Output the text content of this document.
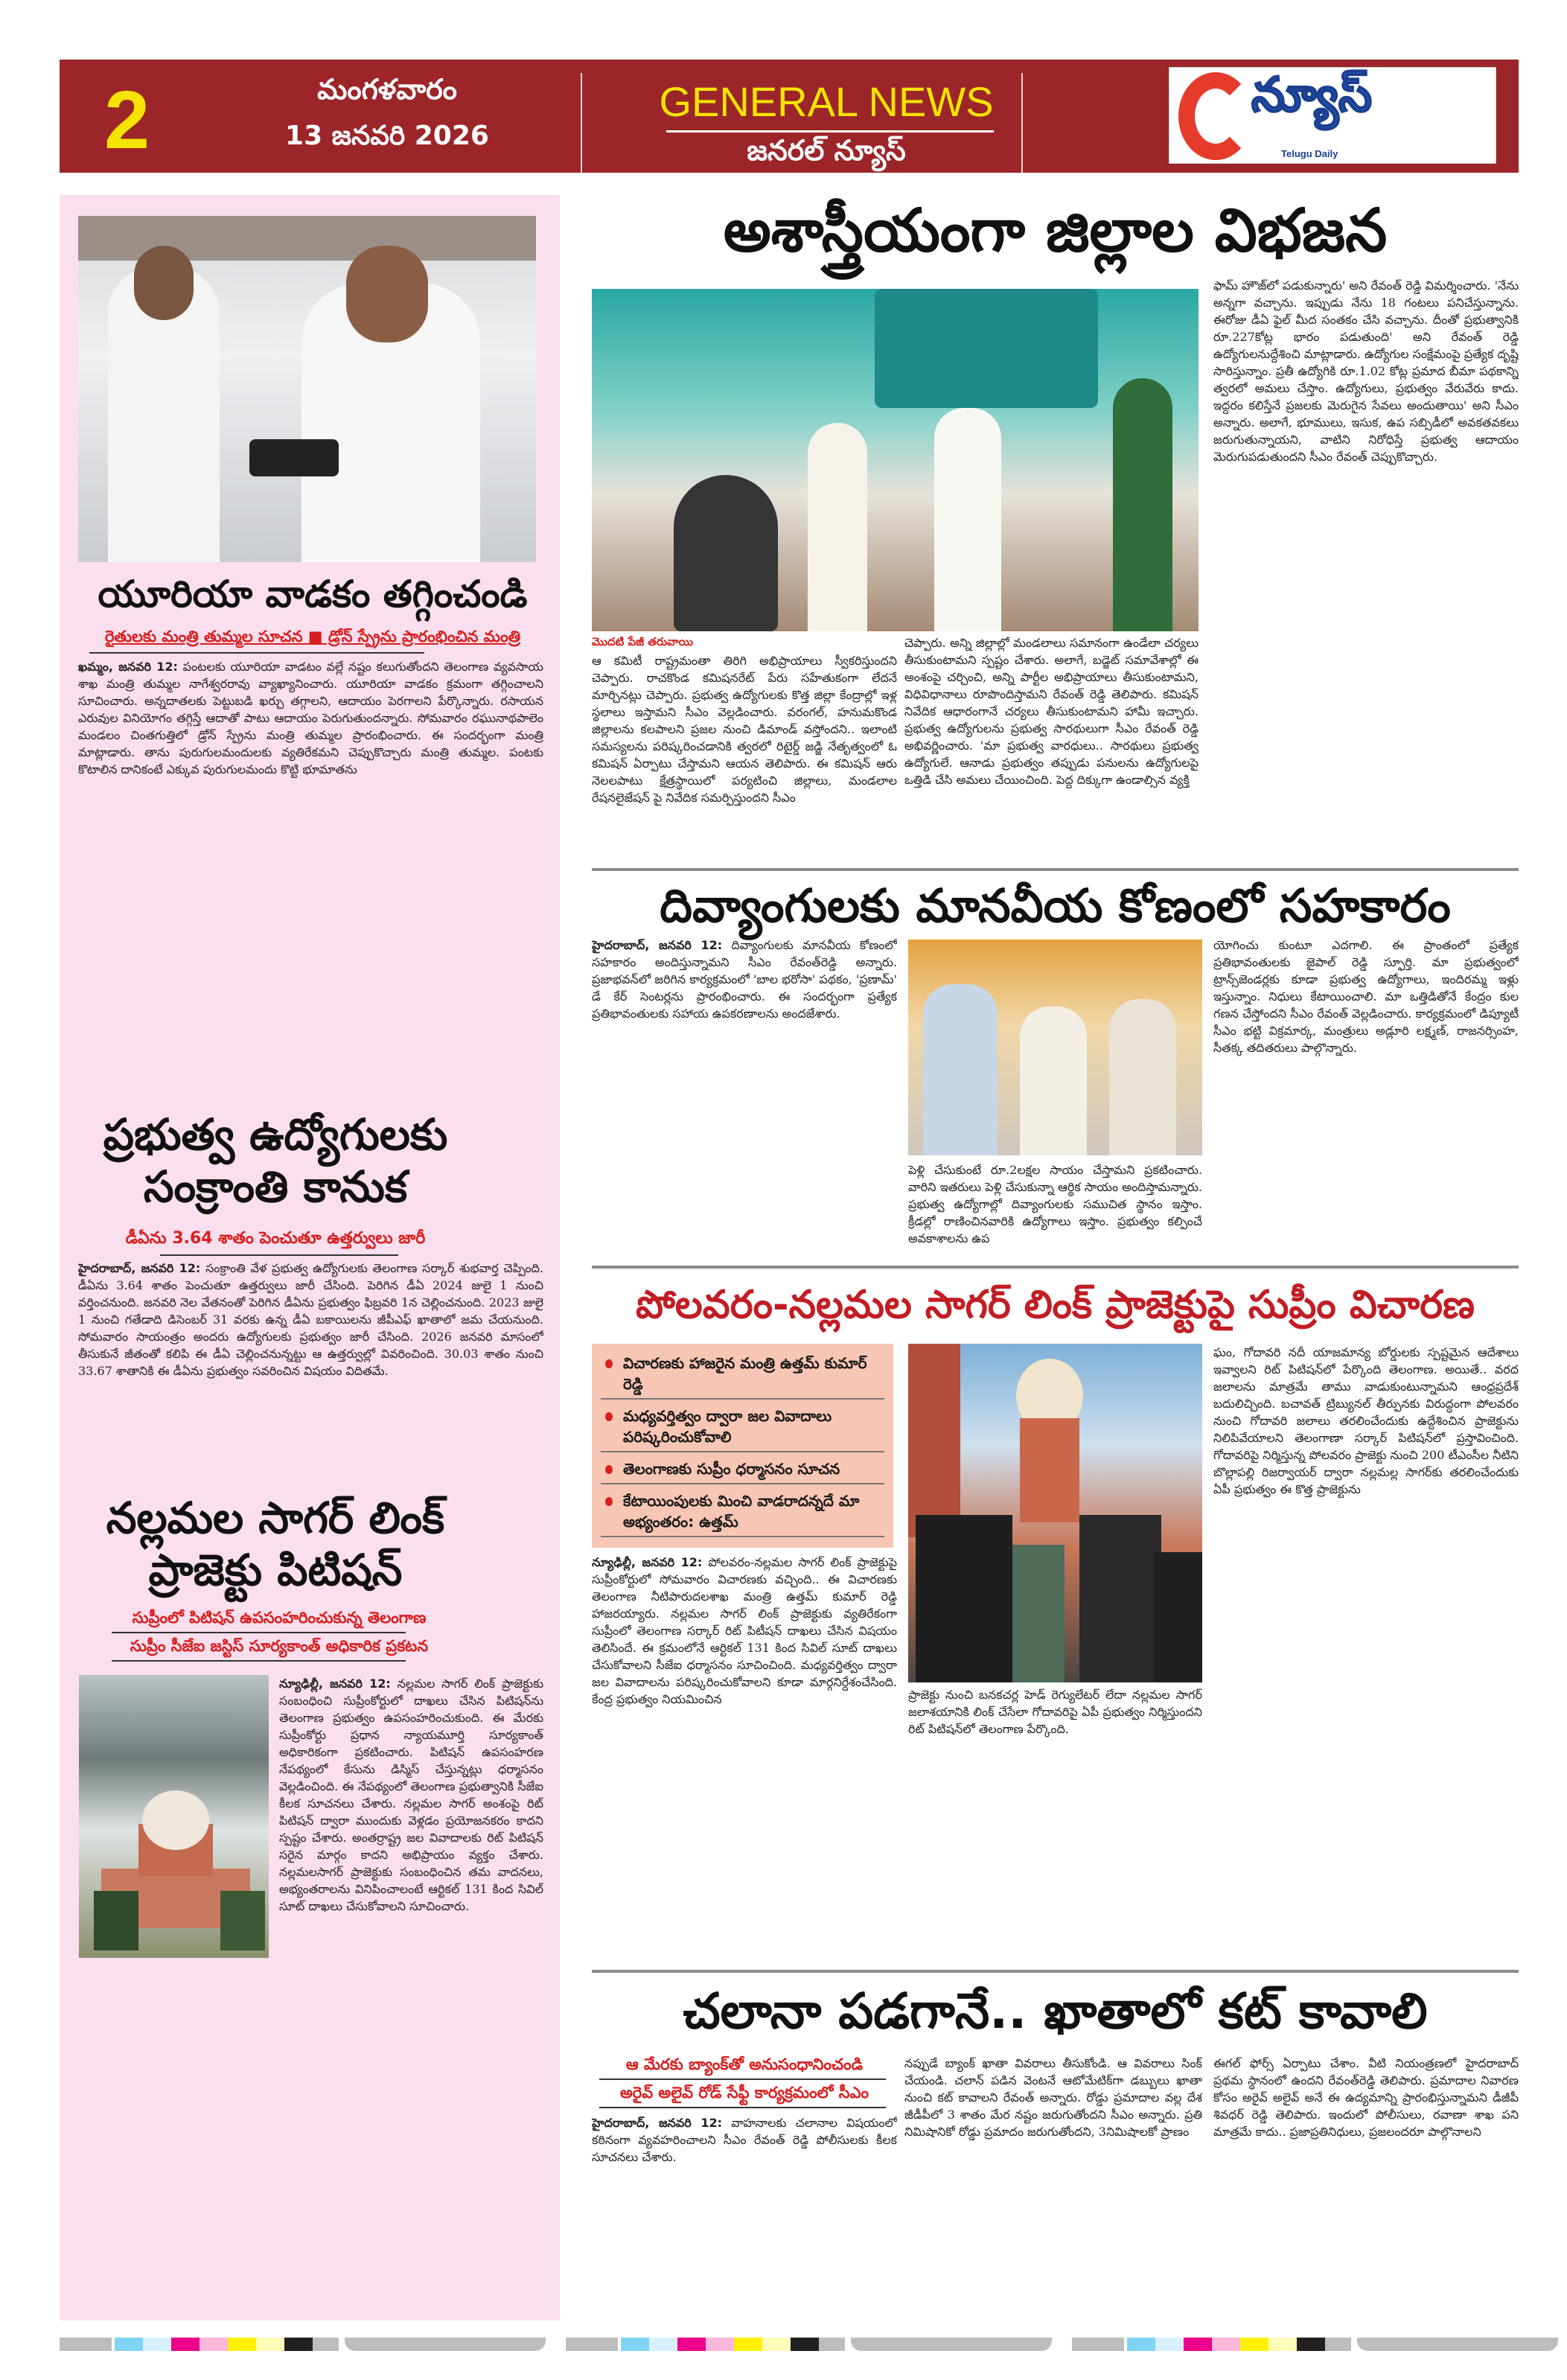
2	మంగళవారం
13 జనవరి 2026
GENERAL NEWS
జనరల్ న్యూస్
న్యూస్
Telugu Daily
యూరియా వాడకం తగ్గించండి
రైతులకు మంత్రి తుమ్మల సూచన ■ డ్రోన్ స్ప్రేను ప్రారంభించిన మంత్రి
ఖమ్మం, జనవరి 12: పంటలకు యూరియా వాడటం వల్లే నష్టం కలుగుతోందని తెలంగాణ వ్యవసాయ శాఖ మంత్రి తుమ్మల నాగేశ్వరరావు వ్యాఖ్యానించారు. యూరియా వాడకం క్రమంగా తగ్గించాలని సూచించారు. అన్నదాతలకు పెట్టుబడి ఖర్చు తగ్గాలని, ఆదాయం పెరగాలని పేర్కొన్నారు. రసాయన ఎరువుల వినియోగం తగ్గిస్తే ఆదాతో పాటు ఆదాయం పెరుగుతుందన్నారు. సోమవారం రఘునాథపాలెం మండలం చింతగుత్తిలో డ్రోన్ స్ప్రేను మంత్రి తుమ్మల ప్రారంభించారు. ఈ సందర్భంగా మంత్రి మాట్లాడారు. తాను పురుగులమందులకు వ్యతిరేకమని చెప్పుకొచ్చారు మంత్రి తుమ్మల. పంటకు కొటాలిన దానికంటే ఎక్కువ పురుగులమందు కొట్టి భూమాతను
ప్రభుత్వ ఉద్యోగులకు
సంక్రాంతి కానుక
డీఏను 3.64 శాతం పెంచుతూ ఉత్తర్వులు జారీ
హైదరాబాద్, జనవరి 12: సంక్రాంతి వేళ ప్రభుత్వ ఉద్యోగులకు తెలంగాణ సర్కార్ శుభవార్త చెప్పింది. డీఏను 3.64 శాతం పెంచుతూ ఉత్తర్వులు జారీ చేసింది. పెరిగిన డీఏ 2024 జులై 1 నుంచి వర్తించనుంది. జనవరి నెల వేతనంతో పెరిగిన డీఏను ప్రభుత్వం ఫిబ్రవరి 1న చెల్లించనుంది. 2023 జులై 1 నుంచి గతేడాది డిసెంబర్ 31 వరకు ఉన్న డీఏ బకాయిలను జీపీఎఫ్ ఖాతాలో జమ చేయనుంది. సోమవారం సాయంత్రం అందరు ఉద్యోగులకు ప్రభుత్వం జారీ చేసింది. 2026 జనవరి మాసంలో తీసుకునే జీతంతో కలిపి ఈ డీఏ చెల్లించనున్నట్టు ఆ ఉత్తర్వుల్లో వివరించింది. 30.03 శాతం నుంచి 33.67 శాతానికి ఈ డీఏను ప్రభుత్వం సవరించిన విషయం విదితమే.
నల్లమల సాగర్ లింక్
ప్రాజెక్టు పిటిషన్
సుప్రీంలో పిటిషన్ ఉపసంహరించుకున్న తెలంగాణ
సుప్రీం సీజేఐ జస్టిస్ సూర్యకాంత్ అధికారిక ప్రకటన
న్యూఢిల్లీ, జనవరి 12: నల్లమల సాగర్ లింక్ ప్రాజెక్టుకు సంబంధించి సుప్రీంకోర్టులో దాఖలు చేసిన పిటిషన్‌ను తెలంగాణ ప్రభుత్వం ఉపసంహరించుకుంది. ఈ మేరకు సుప్రీంకోర్టు ప్రధాన న్యాయమూర్తి సూర్యకాంత్ అధికారికంగా ప్రకటించారు. పిటిషన్ ఉపసంహరణ నేపథ్యంలో కేసును డిస్మిస్ చేస్తున్నట్లు ధర్మాసనం వెల్లడించింది. ఈ నేపథ్యంలో తెలంగాణ ప్రభుత్వానికి సీజేఐ కీలక సూచనలు చేశారు. నల్లమల సాగర్ అంశంపై రిట్ పిటిషన్ ద్వారా ముందుకు వెళ్లడం ప్రయోజనకరం కాదని స్పష్టం చేశారు. అంతర్రాష్ట్ర జల వివాదాలకు రిట్ పిటిషన్ సరైన మార్గం కాదని అభిప్రాయం వ్యక్తం చేశారు. నల్లమలసాగర్ ప్రాజెక్టుకు సంబంధించిన తమ వాదనలు, అభ్యంతరాలను వినిపించాలంటే ఆర్టికల్ 131 కింద సివిల్ సూట్ దాఖలు చేసుకోవాలని సూచించారు.
అశాస్త్రీయంగా జిల్లాల విభజన
మొదటి పేజీ తరువాయి
ఆ కమిటీ రాష్ట్రమంతా తిరిగి అభిప్రాయాలు స్వీకరిస్తుందని చెప్పారు. రాచకొండ కమిషనరేట్ పేరు సహేతుకంగా లేదనే మార్చినట్లు చెప్పారు. ప్రభుత్వ ఉద్యోగులకు కొత్త జిల్లా కేంద్రాల్లో ఇళ్ల స్థలాలు ఇస్తామని సీఎం వెల్లడించారు. వరంగల్, హనుమకొండ జిల్లాలను కలపాలని ప్రజల నుంచి డిమాండ్ వస్తోందని.. ఇలాంటి సమస్యలను పరిష్కరించడానికి త్వరలో రిటైర్డ్ జడ్జి నేతృత్వంలో ఓ కమిషన్ ఏర్పాటు చేస్తామని ఆయన తెలిపారు. ఈ కమిషన్ ఆరు నెలలపాటు క్షేత్రస్థాయిలో పర్యటించి జిల్లాలు, మండలాల రేషనలైజేషన్ పై నివేదిక సమర్పిస్తుందని సీఎం
చెప్పారు. అన్ని జిల్లాల్లో మండలాలు సమానంగా ఉండేలా చర్యలు తీసుకుంటామని స్పష్టం చేశారు. అలాగే, బడ్జెట్ సమావేశాల్లో ఈ అంశంపై చర్చించి, అన్ని పార్టీల అభిప్రాయాలు తీసుకుంటామని, విధివిధానాలు రూపొందిస్తామని రేవంత్ రెడ్డి తెలిపారు. కమిషన్ నివేదిక ఆధారంగానే చర్యలు తీసుకుంటామని హామీ ఇచ్చారు. ప్రభుత్వ ఉద్యోగులను ప్రభుత్వ సారథులుగా సీఎం రేవంత్ రెడ్డి అభివర్ణించారు. 'మా ప్రభుత్వ వారధులు.. సారథులు ప్రభుత్వ ఉద్యోగులే. ఆనాడు ప్రభుత్వం తప్పుడు పనులను ఉద్యోగులపై ఒత్తిడి చేసి అమలు చేయించింది. పెద్ద దిక్కుగా ఉండాల్సిన వ్యక్తి
ఫామ్ హౌజ్‌లో పడుకున్నారు' అని రేవంత్ రెడ్డి విమర్శించారు. 'నేను అన్నగా వచ్చాను. ఇప్పుడు నేను 18 గంటలు పనిచేస్తున్నాను. ఈరోజు డీఏ ఫైల్ మీద సంతకం చేసి వచ్చాను. దీంతో ప్రభుత్వానికి రూ.227కోట్ల భారం పడుతుంది' అని రేవంత్ రెడ్డి ఉద్యోగులనుద్దేశించి మాట్లాడారు. ఉద్యోగుల సంక్షేమంపై ప్రత్యేక దృష్టి సారిస్తున్నాం. ప్రతీ ఉద్యోగికి రూ.1.02 కోట్ల ప్రమాద బీమా పథకాన్ని త్వరలో అమలు చేస్తాం. ఉద్యోగులు, ప్రభుత్వం వేరువేరు కాదు. ఇద్దరం కలిస్తేనే ప్రజలకు మెరుగైన సేవలు అందుతాయి' అని సీఎం అన్నారు. అలాగే, భూములు, ఇసుక, ఉప సబ్సిడీలో అవకతవకలు జరుగుతున్నాయని, వాటిని నిరోధిస్తే ప్రభుత్వ ఆదాయం మెరుగుపడుతుందని సీఎం రేవంత్ చెప్పుకొచ్చారు.
దివ్యాంగులకు మానవీయ కోణంలో సహకారం
హైదరాబాద్, జనవరి 12: దివ్యాంగులకు మానవీయ కోణంలో సహకారం అందిస్తున్నామని సీఎం రేవంత్‌రెడ్డి అన్నారు. ప్రజాభవన్‌లో జరిగిన కార్యక్రమంలో 'బాల భరోసా' పథకం, 'ప్రణామ్' డే కేర్ సెంటర్లను ప్రారంభించారు. ఈ సందర్భంగా ప్రత్యేక ప్రతిభావంతులకు సహాయ ఉపకరణాలను అందజేశారు.
పెళ్లి చేసుకుంటే రూ.2లక్షల సాయం చేస్తామని ప్రకటించారు. వారిని ఇతరులు పెళ్లి చేసుకున్నా ఆర్థిక సాయం అందిస్తామన్నారు. ప్రభుత్వ ఉద్యోగాల్లో దివ్యాంగులకు సముచిత స్థానం ఇస్తాం. క్రీడల్లో రాణించినవారికి ఉద్యోగాలు ఇస్తాం. ప్రభుత్వం కల్పించే అవకాశాలను ఉప
యోగించు కుంటూ ఎదగాలి. ఈ ప్రాంతంలో ప్రత్యేక ప్రతిభావంతులకు జైపాల్ రెడ్డి స్ఫూర్తి. మా ప్రభుత్వంలో ట్రాన్స్‌జెండర్లకు కూడా ప్రభుత్వ ఉద్యోగాలు, ఇందిరమ్మ ఇళ్లు ఇస్తున్నాం. నిధులు కేటాయించాలి. మా ఒత్తిడితోనే కేంద్రం కుల గణన చేస్తోందని సీఎం రేవంత్ వెల్లడించారు. కార్యక్రమంలో డిప్యూటీ సీఎం భట్టి విక్రమార్క, మంత్రులు అడ్లూరి లక్ష్మణ్, రాజనర్సింహ, సీతక్క తదితరులు పాల్గొన్నారు.
పోలవరం-నల్లమల సాగర్ లింక్ ప్రాజెక్టుపై సుప్రీం విచారణ
విచారణకు హాజరైన మంత్రి ఉత్తమ్ కుమార్ రెడ్డి
మధ్యవర్తిత్వం ద్వారా జల వివాదాలు పరిష్కరించుకోవాలి
తెలంగాణకు సుప్రీం ధర్మాసనం సూచన
కేటాయింపులకు మించి వాడరాదన్నదే మా అభ్యంతరం: ఉత్తమ్
న్యూఢిల్లీ, జనవరి 12: పోలవరం-నల్లమల సాగర్ లింక్ ప్రాజెక్టుపై సుప్రీంకోర్టులో సోమవారం విచారణకు వచ్చింది.. ఈ విచారణకు తెలంగాణ నీటిపారుదలశాఖ మంత్రి ఉత్తమ్ కుమార్ రెడ్డి హాజరయ్యారు. నల్లమల సాగర్ లింక్ ప్రాజెక్టుకు వ్యతిరేకంగా సుప్రీంలో తెలంగాణ సర్కార్ రిట్ పిటీషన్ దాఖలు చేసిన విషయం తెలిసిందే. ఈ క్రమంలోనే ఆర్టికల్ 131 కింద సివిల్ సూట్ దాఖలు చేసుకోవాలని సీజేఐ ధర్మాసనం సూచించింది. మధ్యవర్తిత్వం ద్వారా జల వివాదాలను పరిష్కరించుకోవాలని కూడా మార్గనిర్దేశంచేసింది. కేంద్ర ప్రభుత్వం నియమించిన	ప్రాజెక్టు నుంచి బనకచర్ల హెడ్ రెగ్యులేటర్ లేదా నల్లమల సాగర్ జలాశయానికి లింక్ చేసేలా గోదావరిపై ఏపీ ప్రభుత్వం నిర్మిస్తుందని రిట్ పిటిషన్‌లో తెలంగాణ పేర్కొంది.
ఘం, గోదావరి నదీ యాజమాన్య బోర్డులకు స్పష్టమైన ఆదేశాలు ఇవ్వాలని రిట్ పిటిషన్‌లో పేర్కొంది తెలంగాణ. అయితే.. వరద జలాలను మాత్రమే తాము వాడుకుంటున్నామని ఆంధ్రప్రదేశ్ బదులిచ్చింది. బచావత్ ట్రిబ్యునల్ తీర్పునకు విరుద్ధంగా పోలవరం నుంచి గోదావరి జలాలు తరలించేందుకు ఉద్దేశించిన ప్రాజెక్టును నిలిపివేయాలని తెలంగాణా సర్కార్ పిటిషన్‌లో ప్రస్తావించింది. గోదావరిపై నిర్మిస్తున్న పోలవరం ప్రాజెక్టు నుంచి 200 టీఎంసీల నీటిని బొల్లాపల్లి రిజర్వాయర్ ద్వారా నల్లమల్ల సాగర్‌కు తరలించేందుకు ఏపీ ప్రభుత్వం ఈ కొత్త ప్రాజెక్టును
చలానా పడగానే.. ఖాతాలో కట్ కావాలి
ఆ మేరకు బ్యాంక్‌తో అనుసంధానించండి
అరైవ్ అలైవ్ రోడ్ సేఫ్టీ కార్యక్రమంలో సీఎం
హైదరాబాద్, జనవరి 12: వాహనాలకు చలానాల విషయంలో కఠినంగా వ్యవహరించాలని సీఎం రేవంత్ రెడ్డి పోలీసులకు కీలక సూచనలు చేశారు.
నప్పుడే బ్యాంక్ ఖాతా వివరాలు తీసుకోండి. ఆ వివరాలు సింక్ చేయండి. చలాన్ పడిన వెంటనే ఆటోమేటిక్‌గా డబ్బులు ఖాతా నుంచి కట్ కావాలని రేవంత్ అన్నారు. రోడ్డు ప్రమాదాల వల్ల దేశ జీడీపీలో 3 శాతం మేర నష్టం జరుగుతోందని సీఎం అన్నారు. ప్రతి నిమిషానికో రోడ్డు ప్రమాదం జరుగుతోందని, 3నిమిషాలకో ప్రాణం
ఈగల్ ఫోర్స్ ఏర్పాటు చేశాం. వీటి నియంత్రణలో హైదరాబాద్ ప్రథమ స్థానంలో ఉందని రేవంత్‌రెడ్డి తెలిపారు. ప్రమాదాల నివారణ కోసం అరైవ్ అలైవ్ అనే ఈ ఉద్యమాన్ని ప్రారంభిస్తున్నామని డీజీపీ శివధర్ రెడ్డి తెలిపారు. ఇందులో పోలీసులు, రవాణా శాఖ పని మాత్రమే కాదు.. ప్రజాప్రతినిధులు, ప్రజలందరూ పాల్గొనాలని
